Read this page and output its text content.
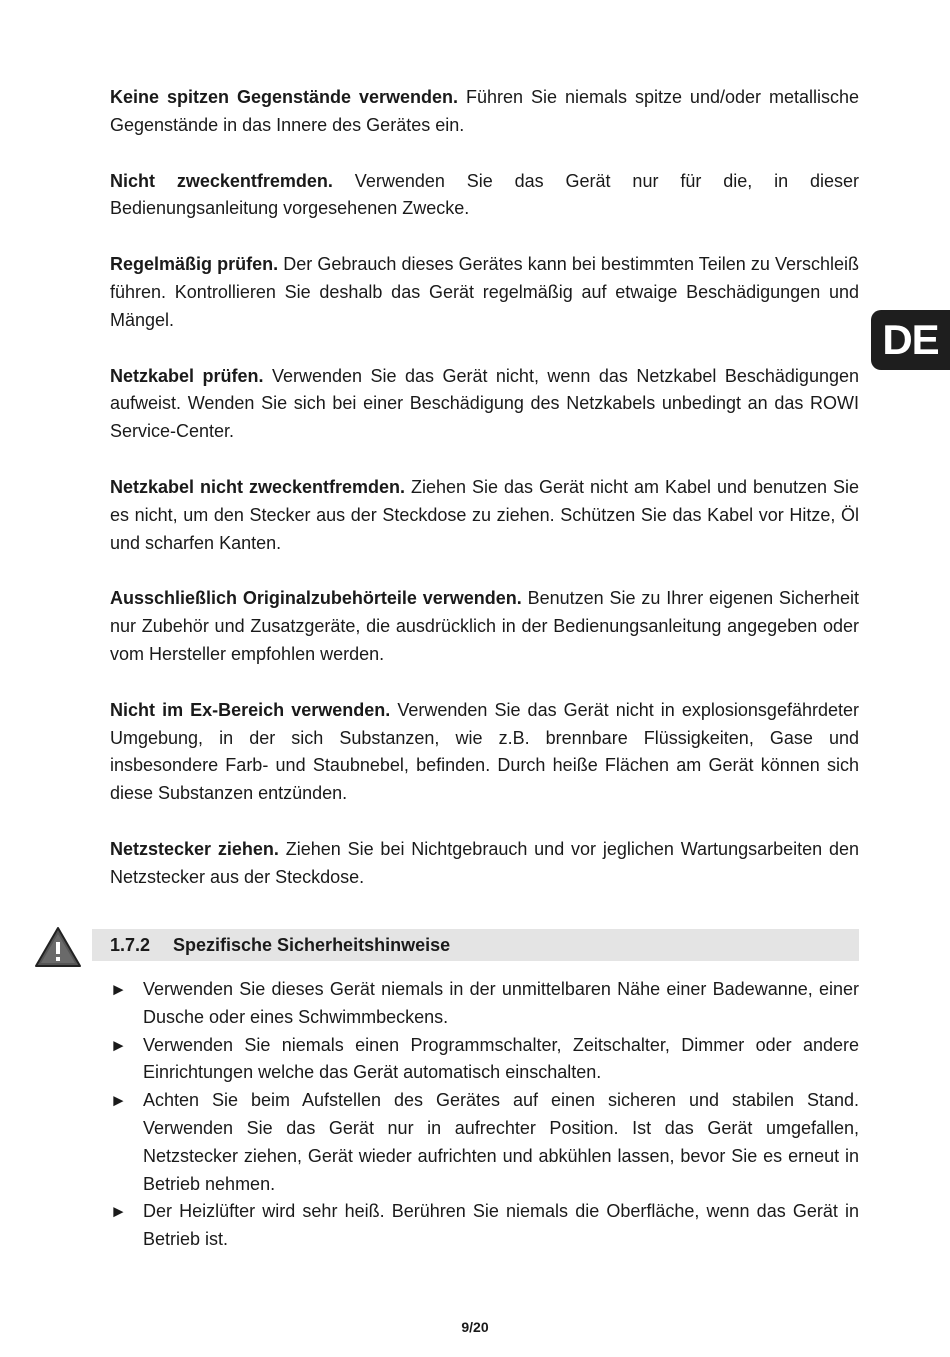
Keine spitzen Gegenstände verwenden. Führen Sie niemals spitze und/oder metallische Gegenstände in das Innere des Gerätes ein.

Nicht zweckentfremden. Verwenden Sie das Gerät nur für die, in dieser Bedienungsanleitung vorgesehenen Zwecke.

Regelmäßig prüfen. Der Gebrauch dieses Gerätes kann bei bestimmten Teilen zu Verschleiß führen. Kontrollieren Sie deshalb das Gerät regelmäßig auf etwaige Beschädigungen und Mängel.

Netzkabel prüfen. Verwenden Sie das Gerät nicht, wenn das Netzkabel Beschädigungen aufweist. Wenden Sie sich bei einer Beschädigung des Netzkabels unbedingt an das ROWI Service-Center.

Netzkabel nicht zweckentfremden. Ziehen Sie das Gerät nicht am Kabel und benutzen Sie es nicht, um den Stecker aus der Steckdose zu ziehen. Schützen Sie das Kabel vor Hitze, Öl und scharfen Kanten.

Ausschließlich Originalzubehörteile verwenden. Benutzen Sie zu Ihrer eigenen Sicherheit nur Zubehör und Zusatzgeräte, die ausdrücklich in der Bedienungsanleitung angegeben oder vom Hersteller empfohlen werden.

Nicht im Ex-Bereich verwenden. Verwenden Sie das Gerät nicht in explosionsgefährdeter Umgebung, in der sich Substanzen, wie z.B. brennbare Flüssigkeiten, Gase und insbesondere Farb- und Staubnebel, befinden. Durch heiße Flächen am Gerät können sich diese Substanzen entzünden.

Netzstecker ziehen. Ziehen Sie bei Nichtgebrauch und vor jeglichen Wartungsarbeiten den Netzstecker aus der Steckdose.

1.7.2	Spezifische Sicherheitshinweise
► Verwenden Sie dieses Gerät niemals in der unmittelbaren Nähe einer Badewanne, einer Dusche oder eines Schwimmbeckens.
► Verwenden Sie niemals einen Programmschalter, Zeitschalter, Dimmer oder andere Einrichtungen welche das Gerät automatisch einschalten.
► Achten Sie beim Aufstellen des Gerätes auf einen sicheren und stabilen Stand. Verwenden Sie das Gerät nur in aufrechter Position. Ist das Gerät umgefallen, Netzstecker ziehen, Gerät wieder aufrichten und abkühlen lassen, bevor Sie es erneut in Betrieb nehmen.
► Der Heizlüfter wird sehr heiß. Berühren Sie niemals die Oberfläche, wenn das Gerät in Betrieb ist.
DE
9/20
